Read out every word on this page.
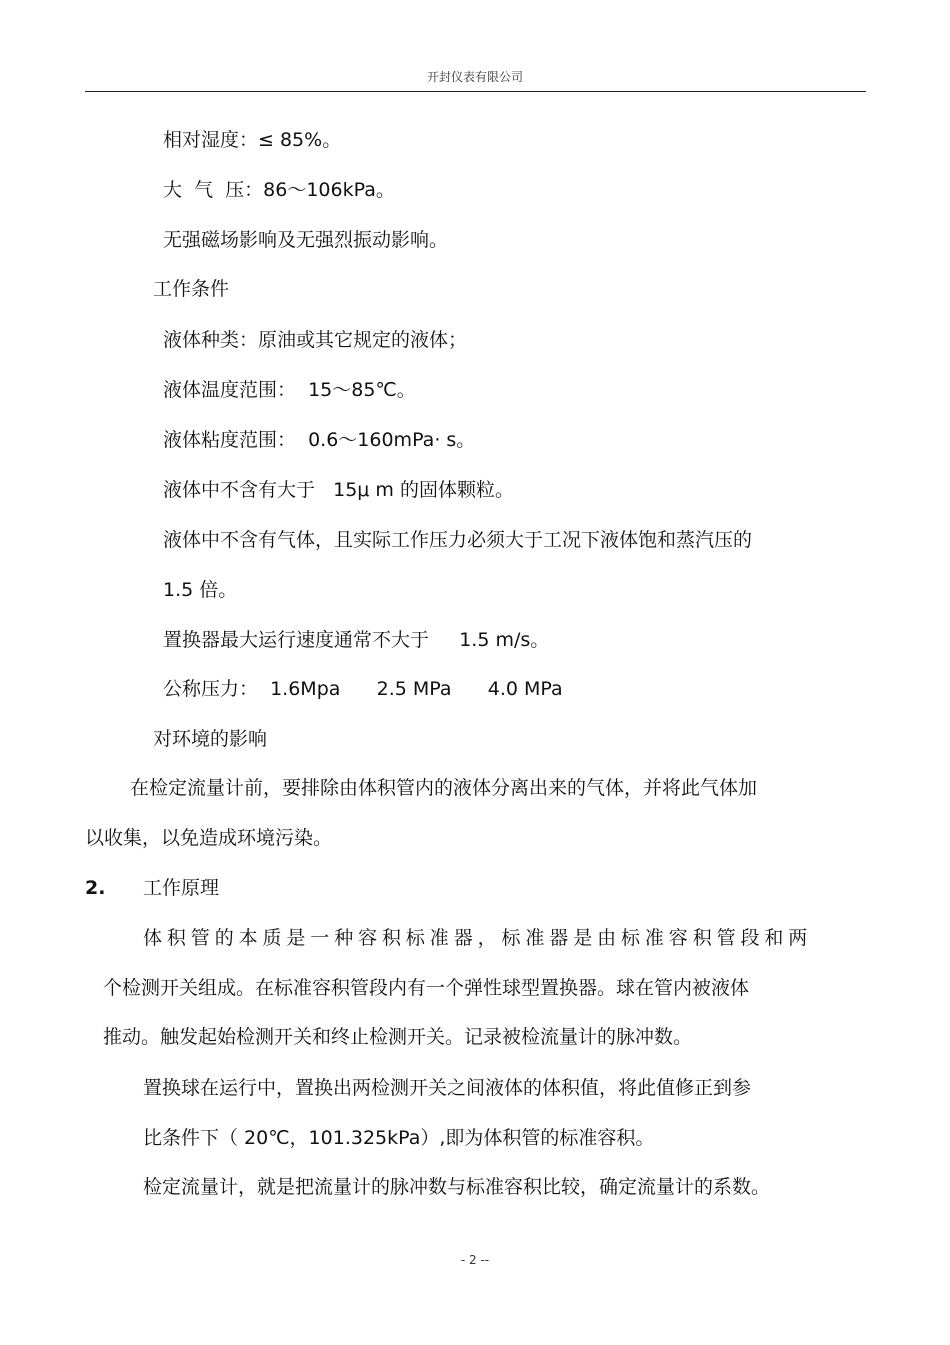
开封仪表有限公司
相对湿度：≤ 85%。
大  气  压：86～106kPa。
无强磁场影响及无强烈振动影响。
工作条件
液体种类：原油或其它规定的液体；
液体温度范围：  15～85℃。
液体粘度范围：  0.6～160mPa· s。
液体中不含有大于   15μ m 的固体颗粒。
液体中不含有气体，且实际工作压力必须大于工况下液体饱和蒸汽压的
1.5 倍。
置换器最大运行速度通常不大于     1.5 m/s。
公称压力：  1.6Mpa      2.5 MPa      4.0 MPa
对环境的影响
在检定流量计前，要排除由体积管内的液体分离出来的气体，并将此气体加
以收集，以免造成环境污染。
2. 工作原理
体积管的本质是一种容积标准器，标准器是由标准容积管段和两
个检测开关组成。在标准容积管段内有一个弹性球型置换器。球在管内被液体
推动。触发起始检测开关和终止检测开关。记录被检流量计的脉冲数。
置换球在运行中，置换出两检测开关之间液体的体积值，将此值修正到参
比条件下（ 20℃，101.325kPa）,即为体积管的标准容积。
检定流量计，就是把流量计的脉冲数与标准容积比较，确定流量计的系数。
- 2 --
